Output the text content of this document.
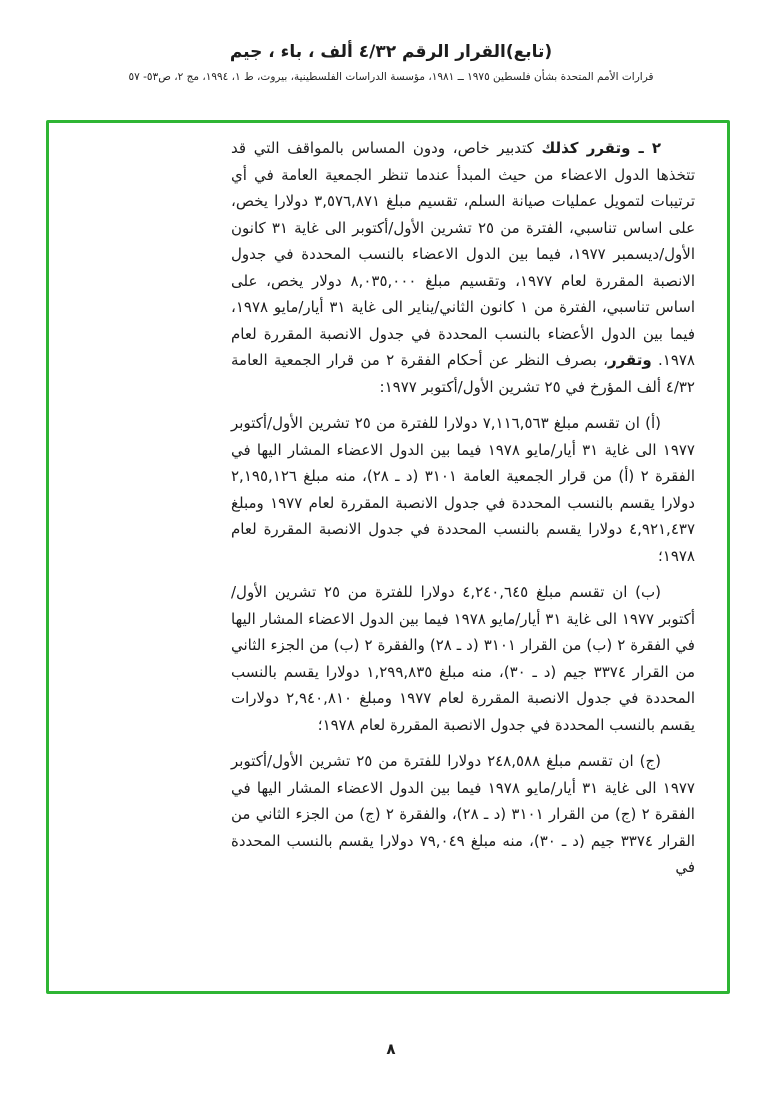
(تابع)القرار الرقم ٤/٣٢ ألف ، باء ، جيم
قرارات الأمم المتحدة بشأن فلسطين ١٩٧٥ ــ ١٩٨١، مؤسسة الدراسات الفلسطينية، بيروت، ط ١، ١٩٩٤، مج ٢، ص٥٣- ٥٧

٢ ـ وتقرر كذلك كتدبير خاص، ودون المساس بالمواقف التي قد تتخذها الدول الاعضاء من حيث المبدأ عندما تنظر الجمعية العامة في أي ترتيبات لتمويل عمليات صيانة السلم، تقسيم مبلغ ٣,٥٧٦,٨٧١ دولارا يخص، على اساس تناسبي، الفترة من ٢٥ تشرين الأول/أكتوبر الى غاية ٣١ كانون الأول/ديسمبر ١٩٧٧، فيما بين الدول الاعضاء بالنسب المحددة في جدول الانصبة المقررة لعام ١٩٧٧، وتقسيم مبلغ ٨,٠٣٥,٠٠٠ دولار يخص، على اساس تناسبي، الفترة من ١ كانون الثاني/يناير الى غاية ٣١ أيار/مايو ١٩٧٨، فيما بين الدول الأعضاء بالنسب المحددة في جدول الانصبة المقررة لعام ١٩٧٨. وتقرر، بصرف النظر عن أحكام الفقرة ٢ من قرار الجمعية العامة ٤/٣٢ ألف المؤرخ في ٢٥ تشرين الأول/أكتوبر ١٩٧٧:

(أ) ان تقسم مبلغ ٧,١١٦,٥٦٣ دولارا للفترة من ٢٥ تشرين الأول/أكتوبر ١٩٧٧ الى غاية ٣١ أيار/مايو ١٩٧٨ فيما بين الدول الاعضاء المشار اليها في الفقرة ٢ (أ) من قرار الجمعية العامة ٣١٠١ (د ـ ٢٨)، منه مبلغ ٢,١٩٥,١٢٦ دولارا يقسم بالنسب المحددة في جدول الانصبة المقررة لعام ١٩٧٧ ومبلغ ٤,٩٢١,٤٣٧ دولارا يقسم بالنسب المحددة في جدول الانصبة المقررة لعام ١٩٧٨؛

(ب) ان تقسم مبلغ ٤,٢٤٠,٦٤٥ دولارا للفترة من ٢٥ تشرين الأول/أكتوبر ١٩٧٧ الى غاية ٣١ أيار/مايو ١٩٧٨ فيما بين الدول الاعضاء المشار اليها في الفقرة ٢ (ب) من القرار ٣١٠١ (د ـ ٢٨) والفقرة ٢ (ب) من الجزء الثاني من القرار ٣٣٧٤ جيم (د ـ ٣٠)، منه مبلغ ١,٢٩٩,٨٣٥ دولارا يقسم بالنسب المحددة في جدول الانصبة المقررة لعام ١٩٧٧ ومبلغ ٢,٩٤٠,٨١٠ دولارات يقسم بالنسب المحددة في جدول الانصبة المقررة لعام ١٩٧٨؛

(ج) ان تقسم مبلغ ٢٤٨,٥٨٨ دولارا للفترة من ٢٥ تشرين الأول/أكتوبر ١٩٧٧ الى غاية ٣١ أيار/مايو ١٩٧٨ فيما بين الدول الاعضاء المشار اليها في الفقرة ٢ (ج) من القرار ٣١٠١ (د ـ ٢٨)، والفقرة ٢ (ج) من الجزء الثاني من القرار ٣٣٧٤ جيم (د ـ ٣٠)، منه مبلغ ٧٩,٠٤٩ دولارا يقسم بالنسب المحددة في

٨
